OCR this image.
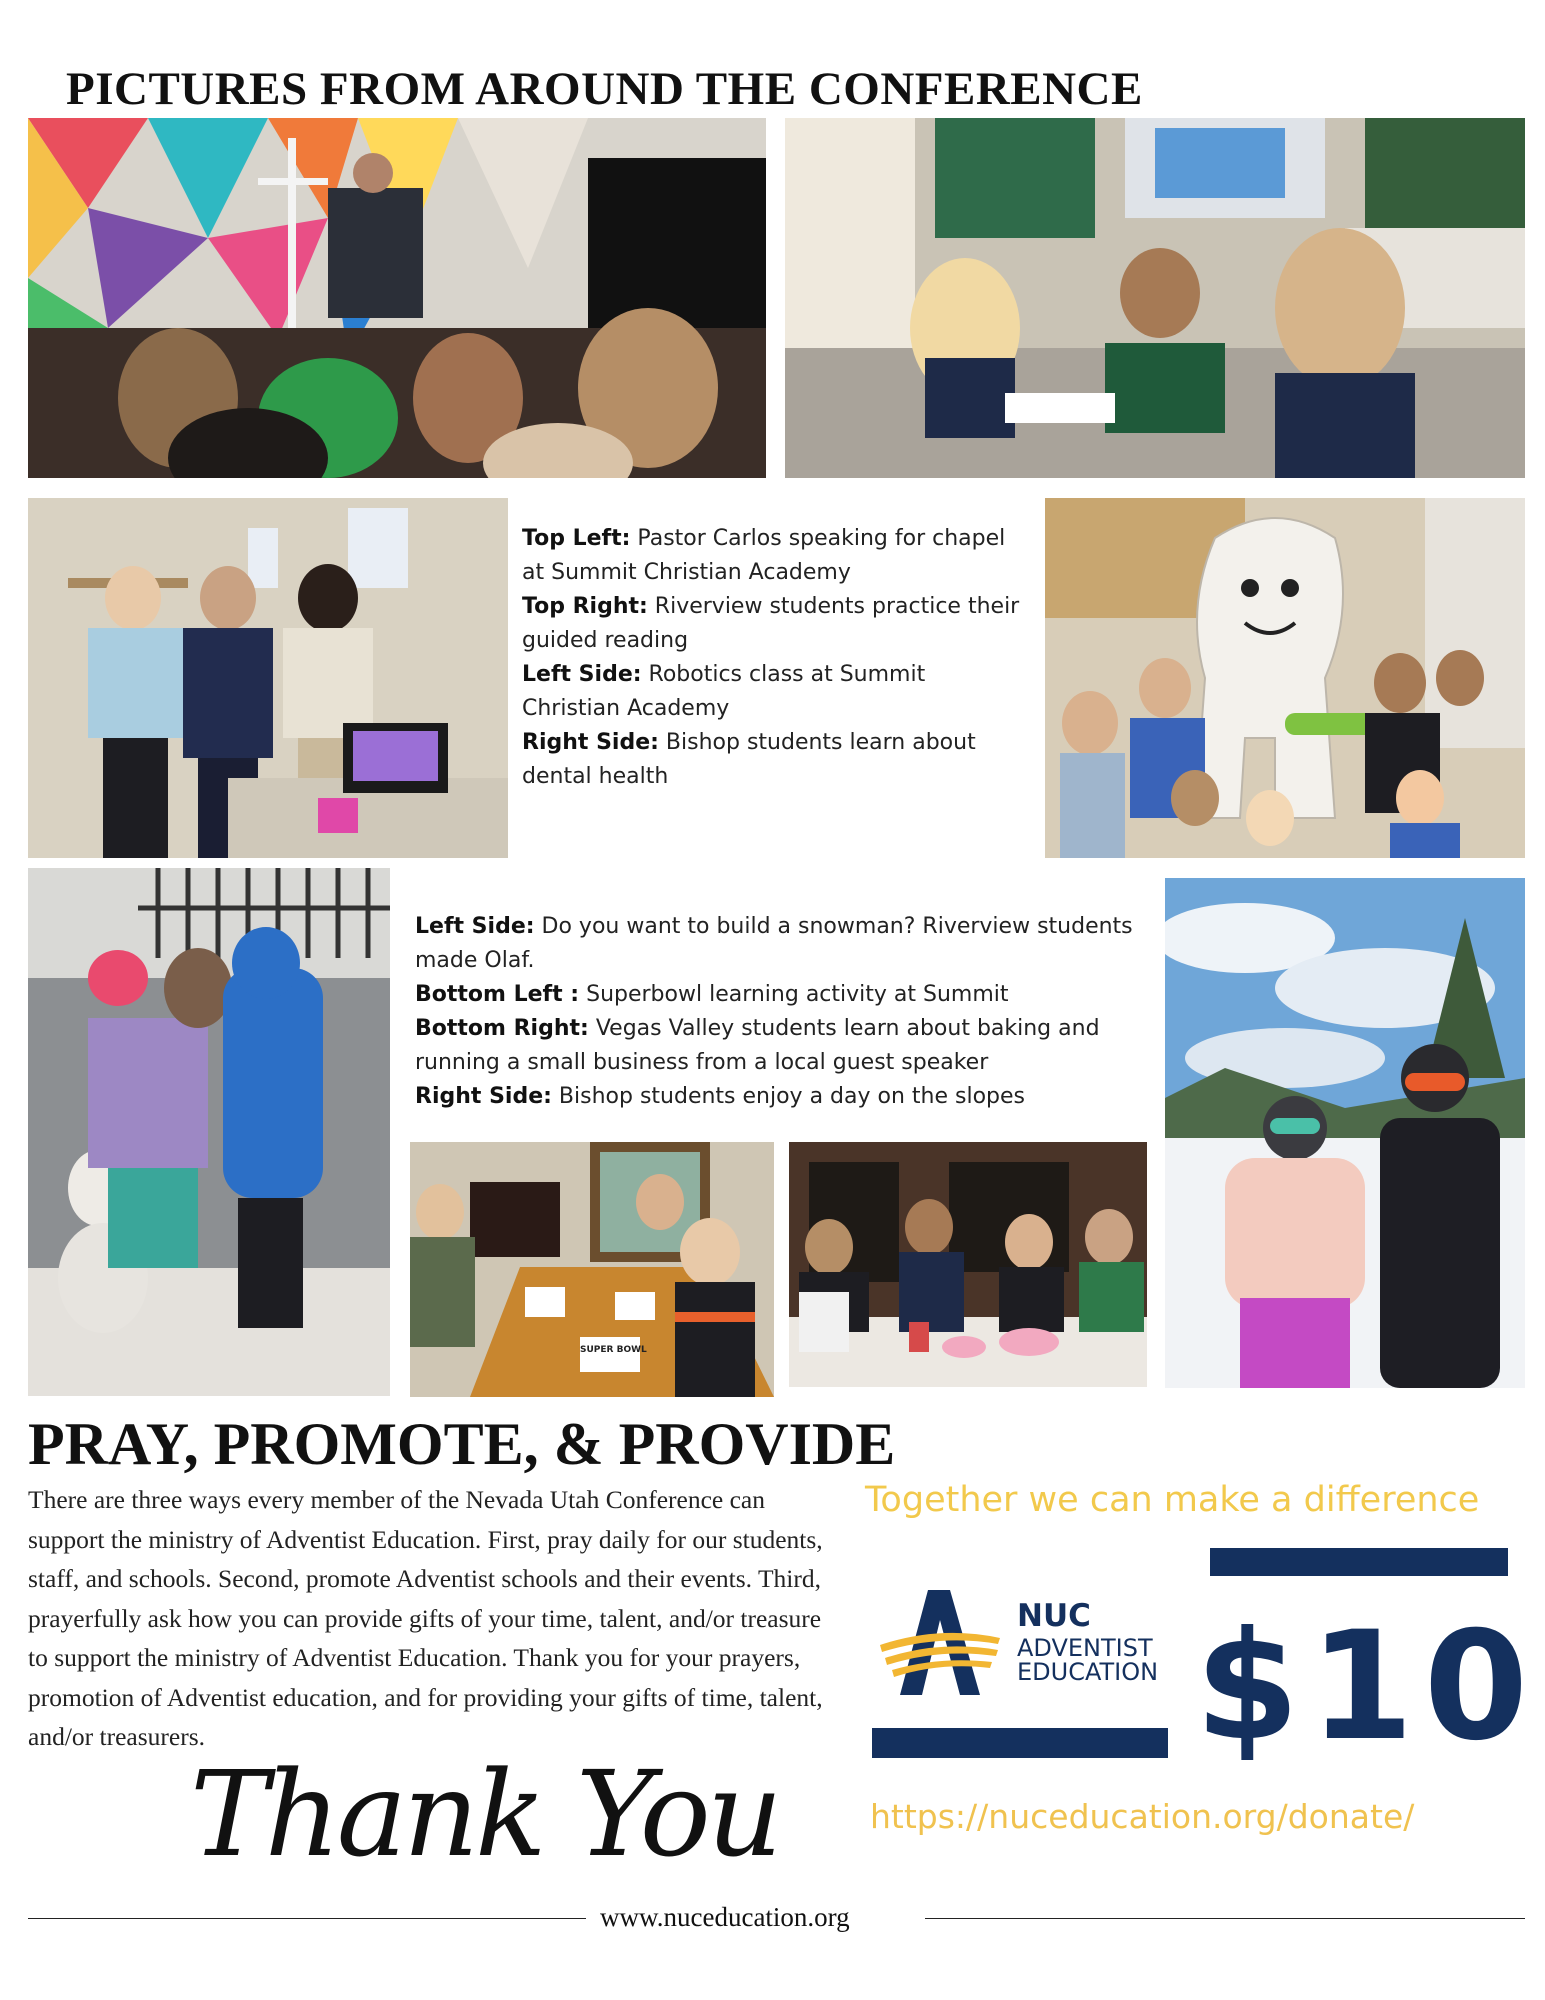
PICTURES FROM AROUND THE CONFERENCE

Top Left: Pastor Carlos speaking for chapel at Summit Christian Academy

Top Right: Riverview students practice their guided reading

Left Side: Robotics class at Summit Christian Academy

Right Side: Bishop students learn about dental health

Left Side: Do you want to build a snowman? Riverview students made Olaf.

Bottom Left : Superbowl learning activity at Summit

Bottom Right: Vegas Valley students learn about baking and running a small business from a local guest speaker

Right Side: Bishop students enjoy a day on the slopes

SUPER BOWL
PRAY, PROMOTE, & PROVIDE
There are three ways every member of the Nevada Utah Conference can support the ministry of Adventist Education. First, pray daily for our students, staff, and schools. Second, promote Adventist schools and their events. Third, prayerfully ask how you can provide gifts of your time, talent, and/or treasure to support the ministry of Adventist Education. Thank you for your prayers, promotion of Adventist education, and for providing your gifts of time, talent, and/or treasurers.
Thank You
Together we can make a difference
NUC
ADVENTIST
EDUCATION $10
https://nuceducation.org/donate/
www.nuceducation.org
